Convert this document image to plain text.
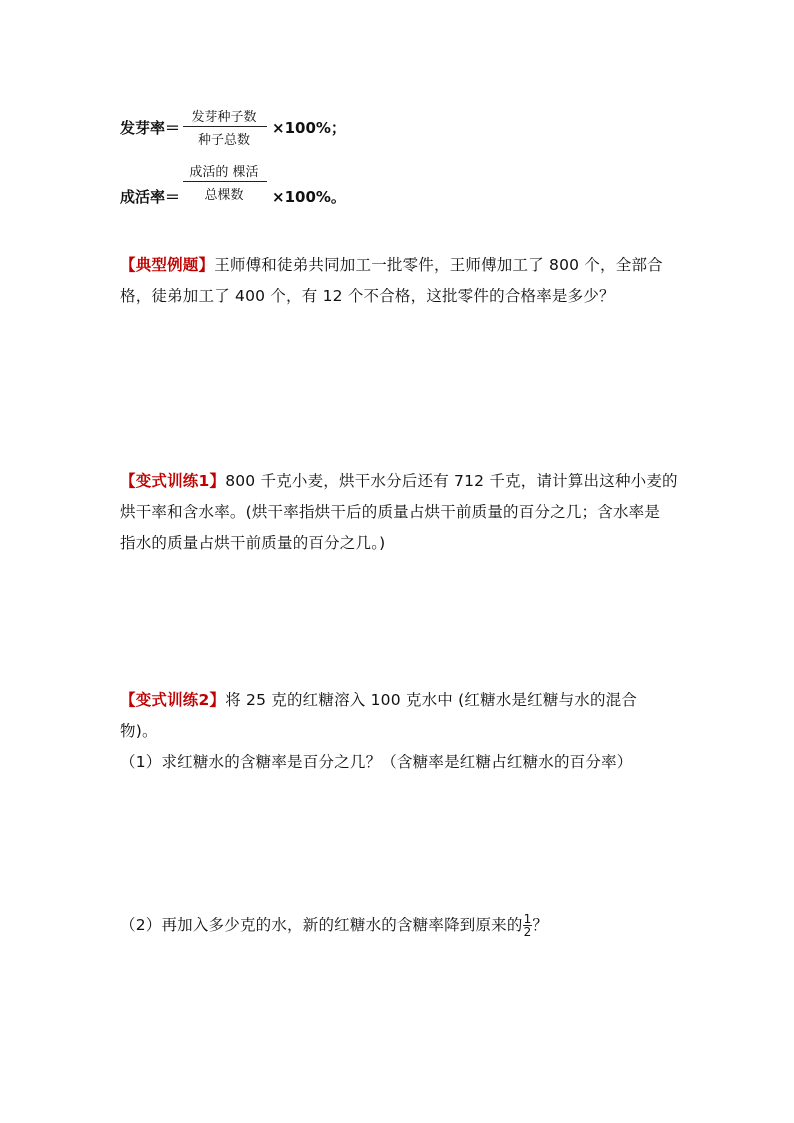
发芽种子数
种子总数
发芽率＝	×100%；
成活的 棵活
总棵数
成活率＝	×100%。
【典型例题】王师傅和徒弟共同加工一批零件，王师傅加工了 800 个，全部合
格，徒弟加工了 400 个，有 12 个不合格，这批零件的合格率是多少？
【变式训练1】800 千克小麦，烘干水分后还有 712 千克，请计算出这种小麦的
烘干率和含水率。(烘干率指烘干后的质量占烘干前质量的百分之几；含水率是
指水的质量占烘干前质量的百分之几。)
【变式训练2】将 25 克的红糖溶入 100 克水中 (红糖水是红糖与水的混合
物)。
（1）求红糖水的含糖率是百分之几？（含糖率是红糖占红糖水的百分率）
（2）再加入多少克的水，新的红糖水的含糖率降到原来的 $\frac{1}{2}$ ？
